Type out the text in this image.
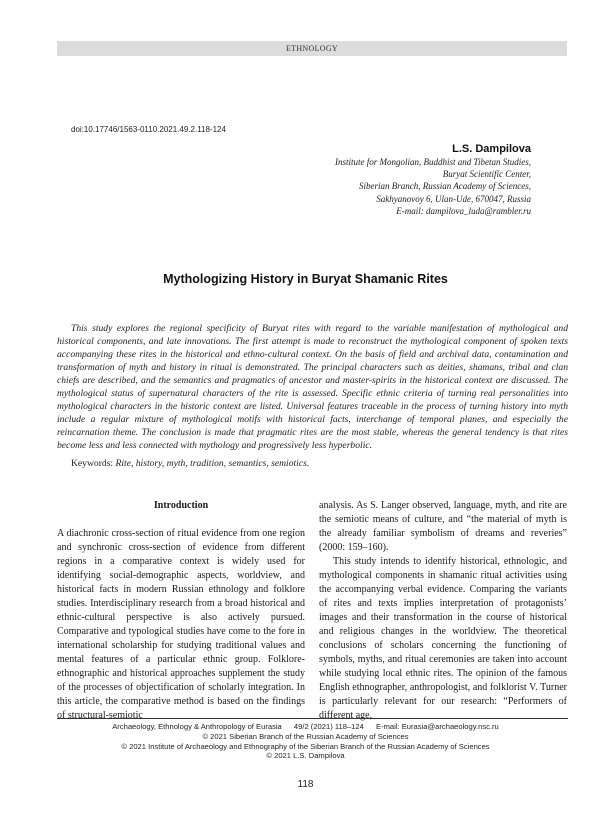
ETHNOLOGY
doi:10.17746/1563-0110.2021.49.2.118-124
L.S. Dampilova
Institute for Mongolian, Buddhist and Tibetan Studies,
Buryat Scientific Center,
Siberian Branch, Russian Academy of Sciences,
Sakhyanovoy 6, Ulan-Ude, 670047, Russia
E-mail: dampilova_luda@rambler.ru
Mythologizing History in Buryat Shamanic Rites

This study explores the regional specificity of Buryat rites with regard to the variable manifestation of mythological and historical components, and late innovations. The first attempt is made to reconstruct the mythological component of spoken texts accompanying these rites in the historical and ethno-cultural context. On the basis of field and archival data, contamination and transformation of myth and history in ritual is demonstrated. The principal characters such as deities, shamans, tribal and clan chiefs are described, and the semantics and pragmatics of ancestor and master-spirits in the historical context are discussed. The mythological status of supernatural characters of the rite is assessed. Specific ethnic criteria of turning real personalities into mythological characters in the historic context are listed. Universal features traceable in the process of turning history into myth include a regular mixture of mythological motifs with historical facts, interchange of temporal planes, and especially the reincarnation theme. The conclusion is made that pragmatic rites are the most stable, whereas the general tendency is that rites become less and less connected with mythology and progressively less hyperbolic.

Keywords: Rite, history, myth, tradition, semantics, semiotics.

Introduction

A diachronic cross-section of ritual evidence from one region and synchronic cross-section of evidence from different regions in a comparative context is widely used for identifying social-demographic aspects, worldview, and historical facts in modern Russian ethnology and folklore studies. Interdisciplinary research from a broad historical and ethnic-cultural perspective is also actively pursued. Comparative and typological studies have come to the fore in international scholarship for studying traditional values and mental features of a particular ethnic group. Folklore-ethnographic and historical approaches supplement the study of the processes of objectification of scholarly integration. In this article, the comparative method is based on the findings of structural-semiotic

analysis. As S. Langer observed, language, myth, and rite are the semiotic means of culture, and “the material of myth is the already familiar symbolism of dreams and reveries” (2000: 159–160).

This study intends to identify historical, ethnologic, and mythological components in shamanic ritual activities using the accompanying verbal evidence. Comparing the variants of rites and texts implies interpretation of protagonists’ images and their transformation in the course of historical and religious changes in the worldview. The theoretical conclusions of scholars concerning the functioning of symbols, myths, and ritual ceremonies are taken into account while studying local ethnic rites. The opinion of the famous English ethnographer, anthropologist, and folklorist V. Turner is particularly relevant for our research: “Performers of different age,

Archaeology, Ethnology & Anthropology of Eurasia 49/2 (2021) 118–124 E-mail: Eurasia@archaeology.nsc.ru
© 2021 Siberian Branch of the Russian Academy of Sciences
© 2021 Institute of Archaeology and Ethnography of the Siberian Branch of the Russian Academy of Sciences
© 2021 L.S. Dampilova
118
